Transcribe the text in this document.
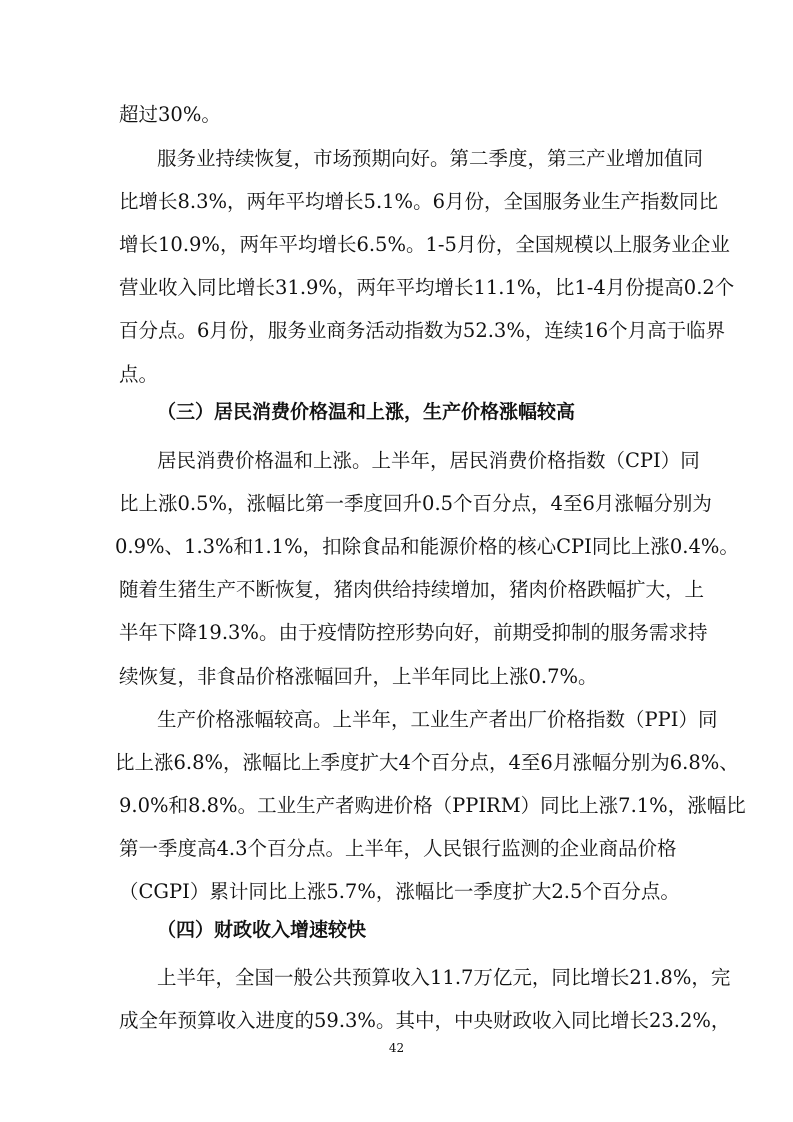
超过30%。
服务业持续恢复，市场预期向好。第二季度，第三产业增加值同
比增长8.3%，两年平均增长5.1%。6月份，全国服务业生产指数同比
增长10.9%，两年平均增长6.5%。1-5月份，全国规模以上服务业企业
营业收入同比增长31.9%，两年平均增长11.1%，比1-4月份提高0.2个
百分点。6月份，服务业商务活动指数为52.3%，连续16个月高于临界
点。
（三）居民消费价格温和上涨，生产价格涨幅较高
居民消费价格温和上涨。上半年，居民消费价格指数（CPI）同
比上涨0.5%，涨幅比第一季度回升0.5个百分点，4至6月涨幅分别为
0.9%、1.3%和1.1%，扣除食品和能源价格的核心CPI同比上涨0.4%。
随着生猪生产不断恢复，猪肉供给持续增加，猪肉价格跌幅扩大，上
半年下降19.3%。由于疫情防控形势向好，前期受抑制的服务需求持
续恢复，非食品价格涨幅回升，上半年同比上涨0.7%。
生产价格涨幅较高。上半年，工业生产者出厂价格指数（PPI）同
比上涨6.8%，涨幅比上季度扩大4个百分点，4至6月涨幅分别为6.8%、
9.0%和8.8%。工业生产者购进价格（PPIRM）同比上涨7.1%，涨幅比
第一季度高4.3个百分点。上半年，人民银行监测的企业商品价格
（CGPI）累计同比上涨5.7%，涨幅比一季度扩大2.5个百分点。
（四）财政收入增速较快
上半年，全国一般公共预算收入11.7万亿元，同比增长21.8%，完
成全年预算收入进度的59.3%。其中，中央财政收入同比增长23.2%，
42
